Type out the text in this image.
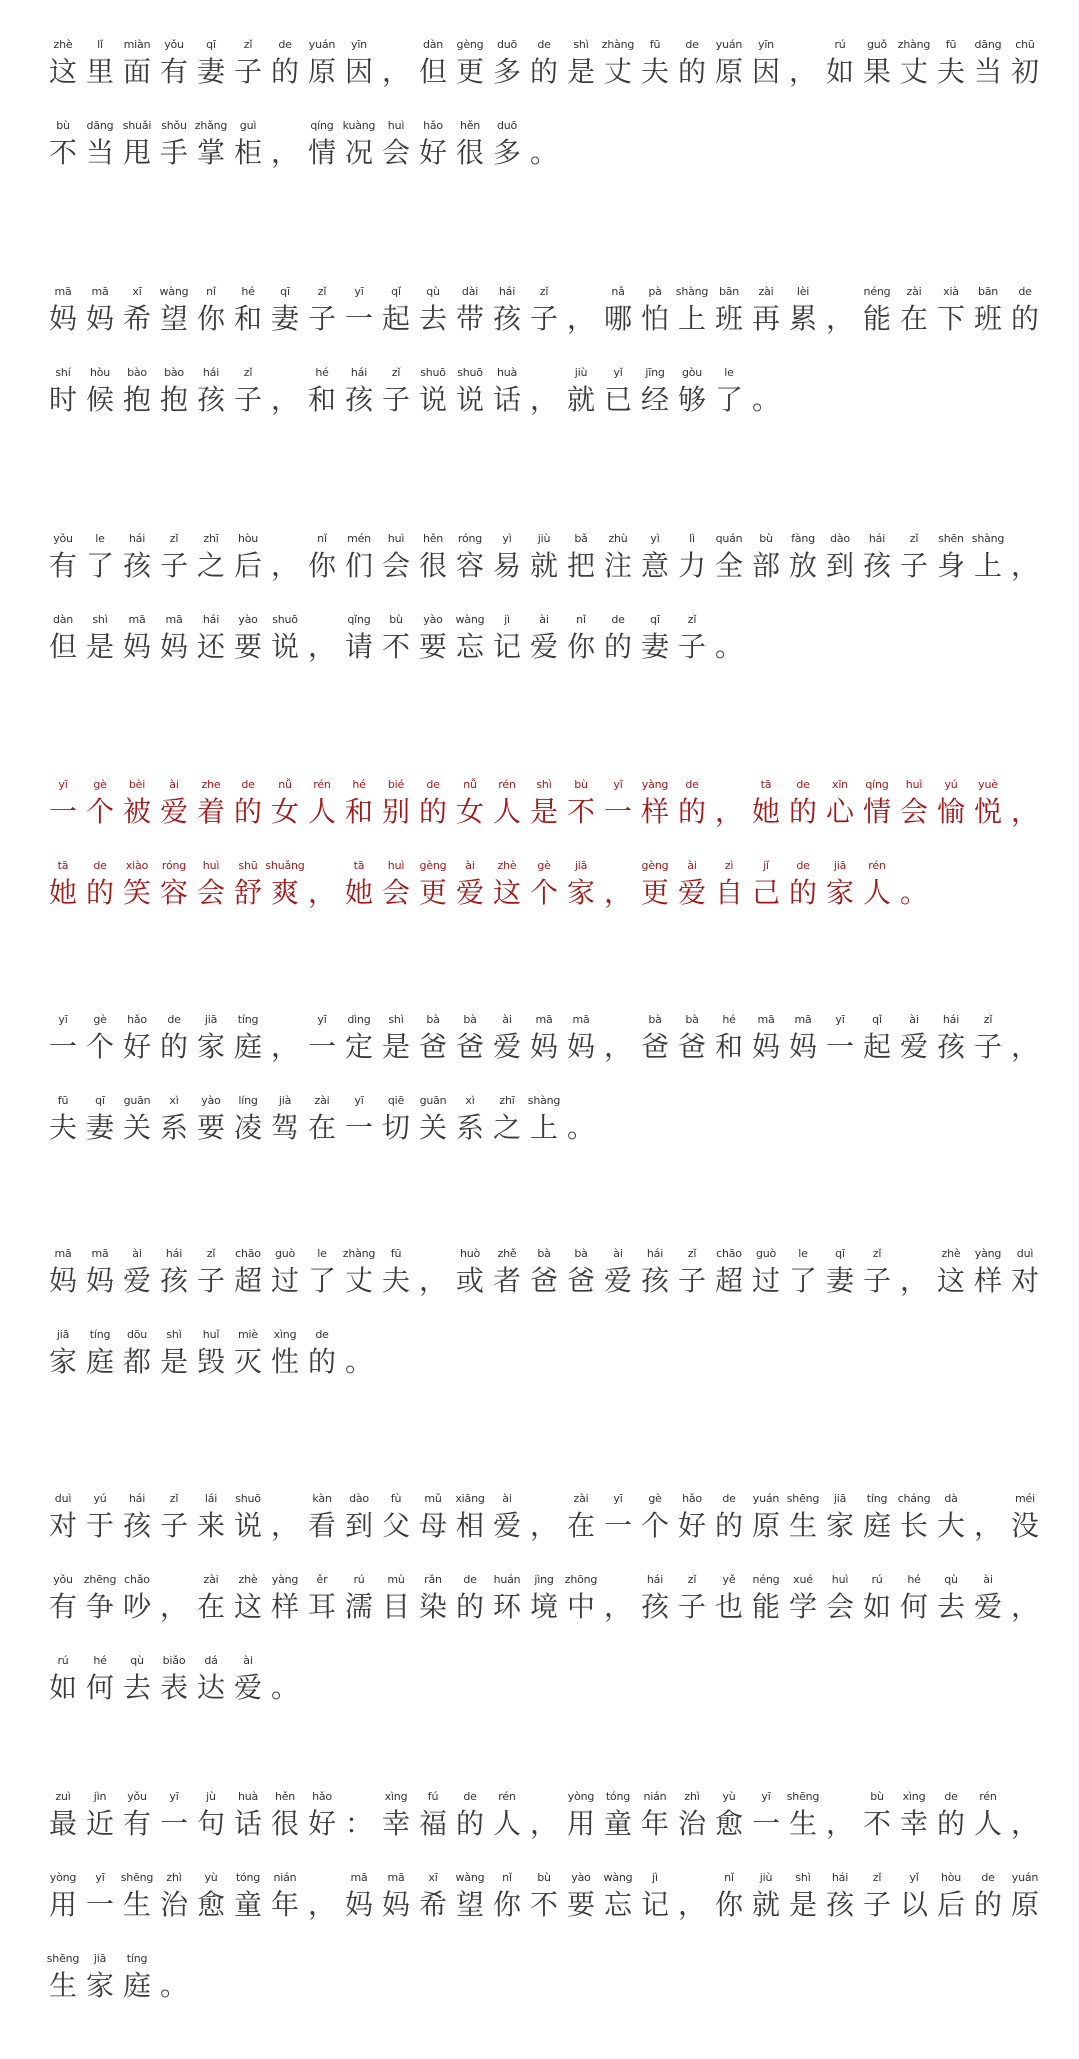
zhè
这
lǐ
里
miàn
面
yǒu
有
qī
妻
zǐ
子
de
的
yuán
原
yīn
因 ，
dàn
但
gèng
更
duō
多
de
的
shì
是
zhàng
丈
fū
夫
de
的
yuán
原
yīn
因 ，
rú
如
guǒ
果
zhàng
丈
fū
夫
dāng
当
chū
初
bù
不
dāng
当
shuǎi
甩
shǒu
手
zhǎng
掌
guì
柜 ，
qíng
情
kuàng
况
huì
会
hǎo
好
hěn
很
duō
多 。
mā
妈
mā
妈
xī
希
wàng
望
nǐ
你
hé
和
qī
妻
zǐ
子
yī
一
qǐ
起
qù
去
dài
带
hái
孩
zǐ
子 ，
nǎ
哪
pà
怕
shàng
上
bān
班
zài
再
lèi
累 ，
néng
能
zài
在
xià
下
bān
班
de
的
shí
时
hòu
候
bào
抱
bào
抱
hái
孩
zǐ
子 ，
hé
和
hái
孩
zǐ
子
shuō
说
shuō
说
huà
话 ，
jiù
就
yǐ
已
jīng
经
gòu
够
le
了 。
yǒu
有
le
了
hái
孩
zǐ
子
zhī
之
hòu
后 ，
nǐ
你
mén
们
huì
会
hěn
很
róng
容
yì
易
jiù
就
bǎ
把
zhù
注
yì
意
lì
力
quán
全
bù
部
fàng
放
dào
到
hái
孩
zǐ
子
shēn
身
shàng
上 ，
dàn
但
shì
是
mā
妈
mā
妈
hái
还
yào
要
shuō
说 ，
qǐng
请
bù
不
yào
要
wàng
忘
jì
记
ài
爱
nǐ
你
de
的
qī
妻
zǐ
子 。
yī
一
gè
个
bèi
被
ài
爱
zhe
着
de
的
nǚ
女
rén
人
hé
和
bié
别
de
的
nǚ
女
rén
人
shì
是
bù
不
yī
一
yàng
样
de
的 ，
tā
她
de
的
xīn
心
qíng
情
huì
会
yú
愉
yuè
悦 ，
tā
她
de
的
xiào
笑
róng
容
huì
会
shū
舒
shuǎng
爽 ，
tā
她
huì
会
gèng
更
ài
爱
zhè
这
gè
个
jiā
家 ，
gèng
更
ài
爱
zì
自
jǐ
己
de
的
jiā
家
rén
人 。
yī
一
gè
个
hǎo
好
de
的
jiā
家
tíng
庭 ，
yī
一
dìng
定
shì
是
bà
爸
bà
爸
ài
爱
mā
妈
mā
妈 ，
bà
爸
bà
爸
hé
和
mā
妈
mā
妈
yī
一
qǐ
起
ài
爱
hái
孩
zǐ
子 ，
fū
夫
qī
妻
guān
关
xì
系
yào
要
líng
凌
jià
驾
zài
在
yī
一
qiē
切
guān
关
xì
系
zhī
之
shàng
上 。
mā
妈
mā
妈
ài
爱
hái
孩
zǐ
子
chāo
超
guò
过
le
了
zhàng
丈
fū
夫 ，
huò
或
zhě
者
bà
爸
bà
爸
ài
爱
hái
孩
zǐ
子
chāo
超
guò
过
le
了
qī
妻
zǐ
子 ，
zhè
这
yàng
样
duì
对
jiā
家
tíng
庭
dōu
都
shì
是
huǐ
毁
miè
灭
xìng
性
de
的 。
duì
对
yú
于
hái
孩
zǐ
子
lái
来
shuō
说 ，
kàn
看
dào
到
fù
父
mǔ
母
xiāng
相
ài
爱 ，
zài
在
yī
一
gè
个
hǎo
好
de
的
yuán
原
shēng
生
jiā
家
tíng
庭
cháng
长
dà
大 ，
méi
没
yǒu
有
zhēng
争
chǎo
吵 ，
zài
在
zhè
这
yàng
样
ěr
耳
rú
濡
mù
目
rǎn
染
de
的
huán
环
jìng
境
zhōng
中 ，
hái
孩
zǐ
子
yě
也
néng
能
xué
学
huì
会
rú
如
hé
何
qù
去
ài
爱 ，
rú
如
hé
何
qù
去
biǎo
表
dá
达
ài
爱 。
zuì
最
jìn
近
yǒu
有
yī
一
jù
句
huà
话
hěn
很
hǎo
好 ：
xìng
幸
fú
福
de
的
rén
人 ，
yòng
用
tóng
童
nián
年
zhì
治
yù
愈
yī
一
shēng
生 ，
bù
不
xìng
幸
de
的
rén
人 ，
yòng
用
yī
一
shēng
生
zhì
治
yù
愈
tóng
童
nián
年 ，
mā
妈
mā
妈
xī
希
wàng
望
nǐ
你
bù
不
yào
要
wàng
忘
jì
记 ，
nǐ
你
jiù
就
shì
是
hái
孩
zǐ
子
yǐ
以
hòu
后
de
的
yuán
原
shēng
生
jiā
家
tíng
庭 。
